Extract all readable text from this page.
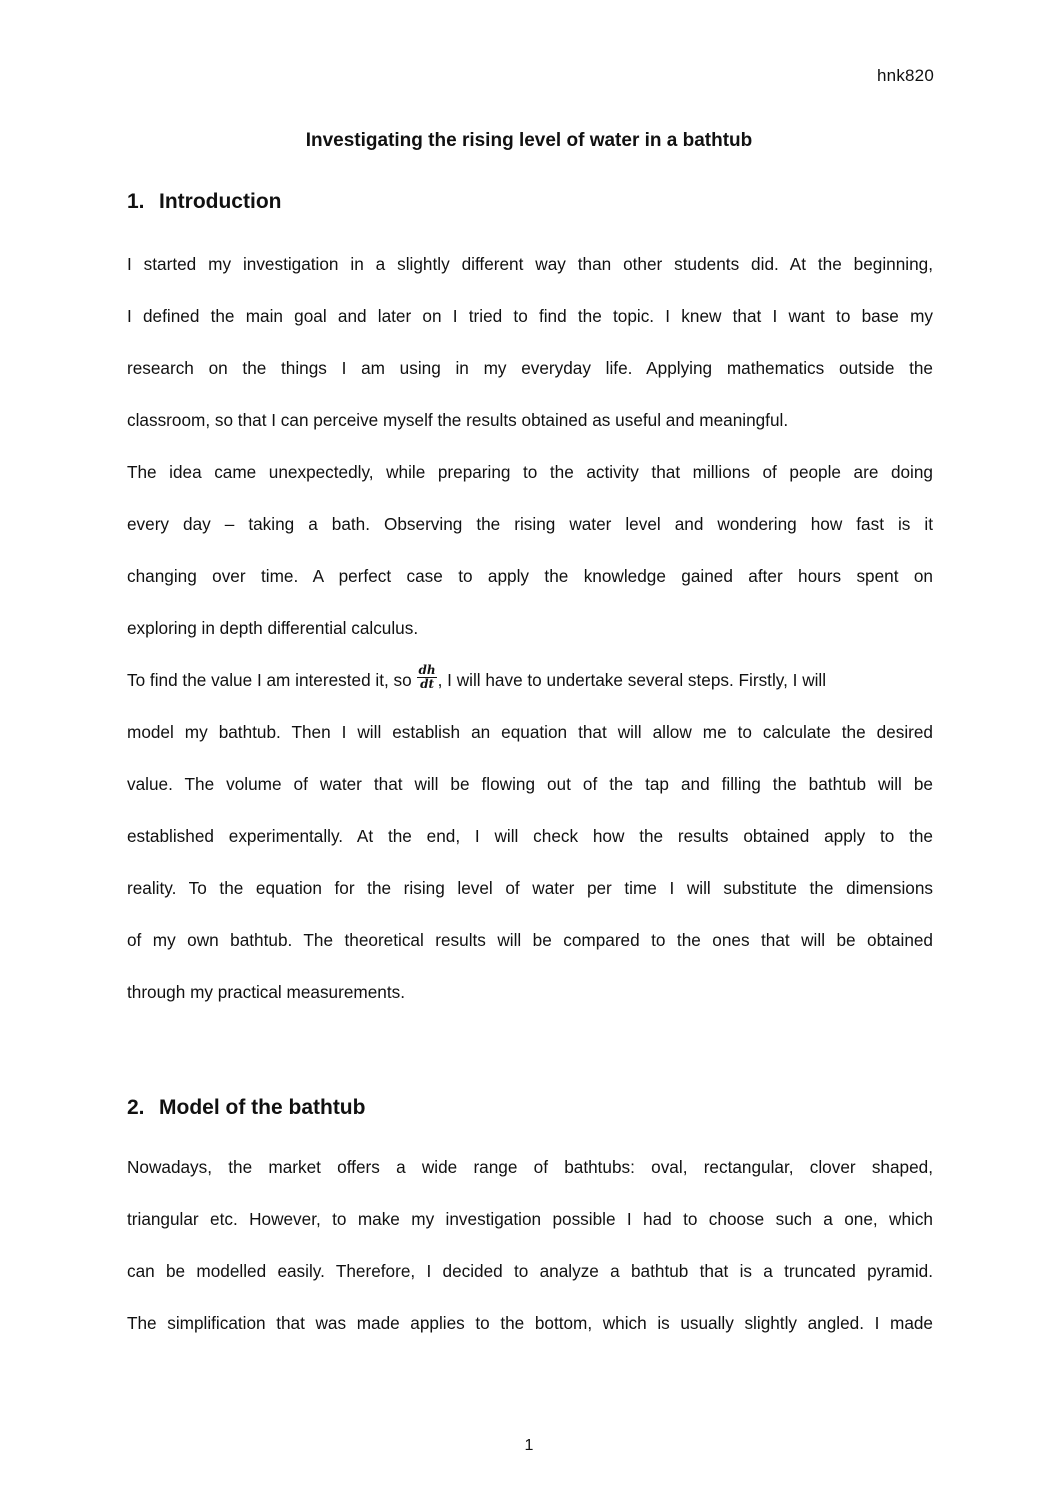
hnk820
Investigating the rising level of water in a bathtub
1. Introduction
I started my investigation in a slightly different way than other students did. At the beginning,
I defined the main goal and later on I tried to find the topic. I knew that I want to base my
research on the things I am using in my everyday life. Applying mathematics outside the
classroom, so that I can perceive myself the results obtained as useful and meaningful.
The idea came unexpectedly, while preparing to the activity that millions of people are doing
every day – taking a bath. Observing the rising water level and wondering how fast is it
changing over time. A perfect case to apply the knowledge gained after hours spent on
exploring in depth differential calculus.
To find the value I am interested it, so $\frac{dh}{dt}$ , I will have to undertake several steps. Firstly, I will
model my bathtub. Then I will establish an equation that will allow me to calculate the desired
value. The volume of water that will be flowing out of the tap and filling the bathtub will be
established experimentally. At the end, I will check how the results obtained apply to the
reality. To the equation for the rising level of water per time I will substitute the dimensions
of my own bathtub. The theoretical results will be compared to the ones that will be obtained
through my practical measurements.
2. Model of the bathtub
Nowadays, the market offers a wide range of bathtubs: oval, rectangular, clover shaped,
triangular etc. However, to make my investigation possible I had to choose such a one, which
can be modelled easily. Therefore, I decided to analyze a bathtub that is a truncated pyramid.
The simplification that was made applies to the bottom, which is usually slightly angled. I made
1
